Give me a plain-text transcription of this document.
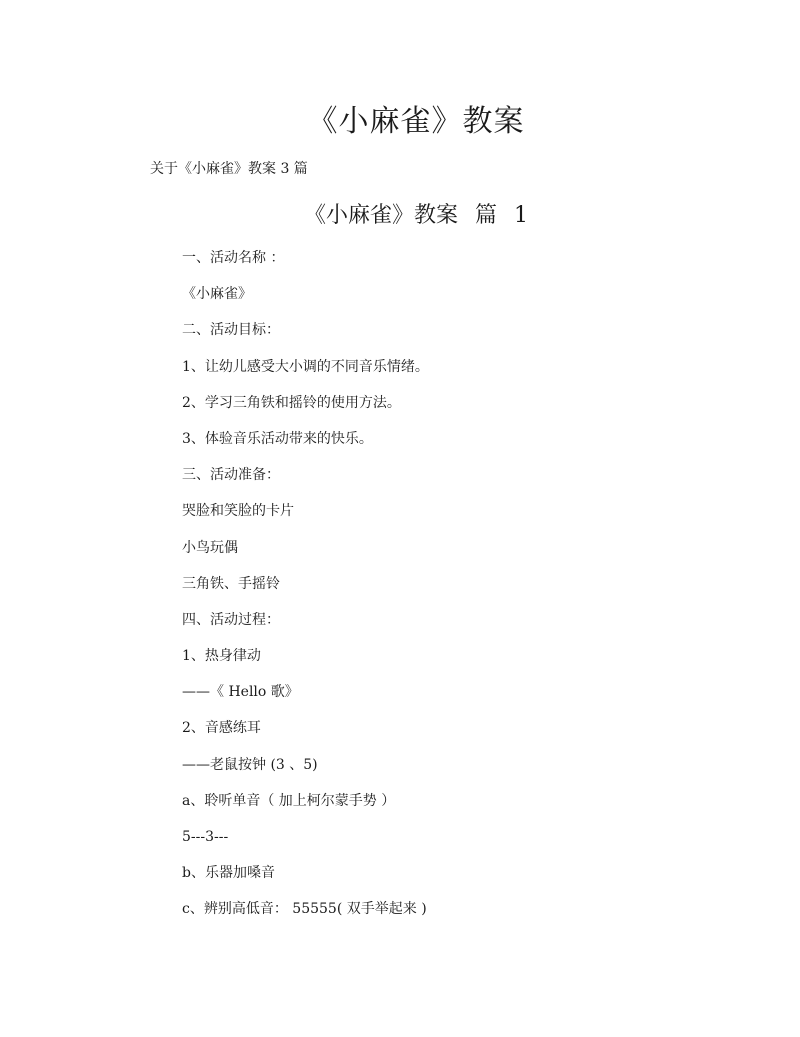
《小麻雀》教案

关于《小麻雀》教案 3 篇

《小麻雀》教案 篇 1
一、活动名称 ：
《小麻雀》
二、活动目标：
1、让幼儿感受大小调的不同音乐情绪。
2、学习三角铁和摇铃的使用方法。
3、体验音乐活动带来的快乐。
三、活动准备：
哭脸和笑脸的卡片
小鸟玩偶
三角铁、手摇铃
四、活动过程：
1、热身律动
——《 Hello 歌》
2、音感练耳
——老鼠按钟 (3 、5)
a、聆听单音（ 加上柯尔蒙手势 ）
5---3---
b、乐器加嗓音
c、辨别高低音： 55555( 双手举起来 )
